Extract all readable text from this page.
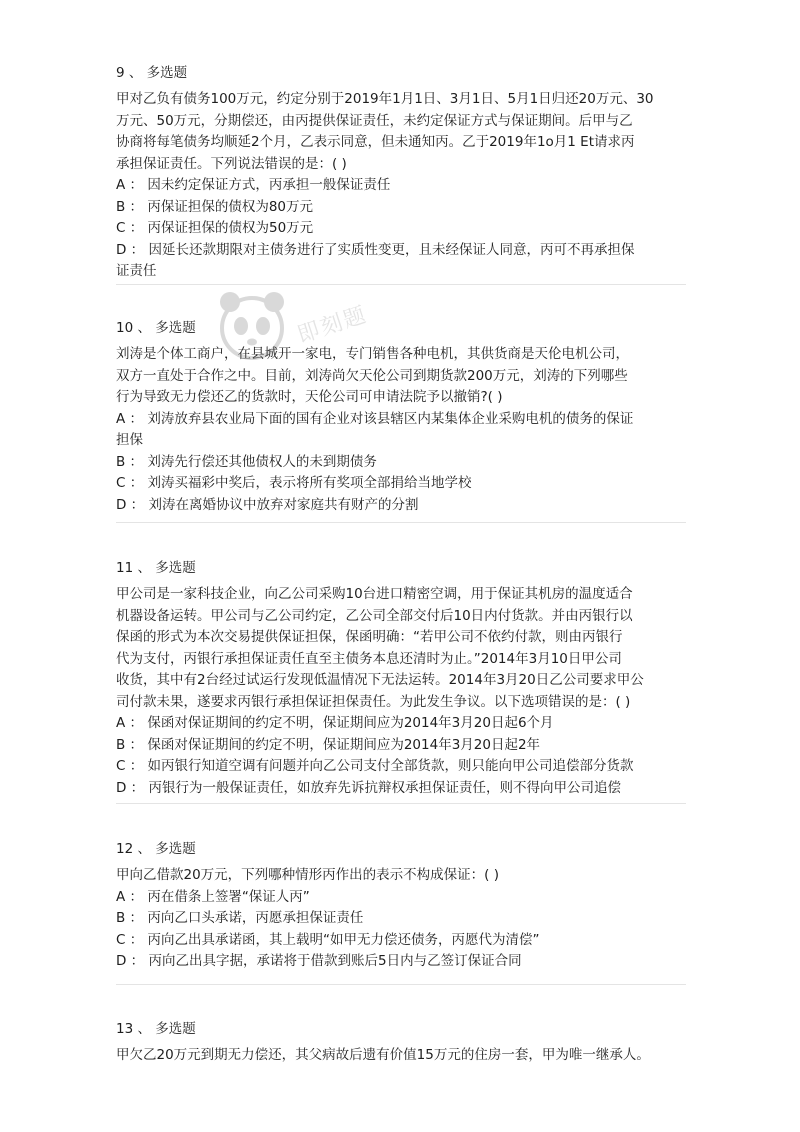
9 、 多选题
甲对乙负有债务100万元，约定分别于2019年1月1日、3月1日、5月1日归还20万元、30
万元、50万元，分期偿还，由丙提供保证责任，未约定保证方式与保证期间。后甲与乙
协商将每笔债务均顺延2个月，乙表示同意，但未通知丙。乙于2019年1o月1 Et请求丙
承担保证责任。下列说法错误的是：( )
A ： 因未约定保证方式，丙承担一般保证责任
B ： 丙保证担保的债权为80万元
C ： 丙保证担保的债权为50万元
D ： 因延长还款期限对主债务进行了实质性变更，且未经保证人同意，丙可不再承担保
证责任
10 、 多选题
刘涛是个体工商户，在县城开一家电，专门销售各种电机，其供货商是天伦电机公司，
双方一直处于合作之中。目前，刘涛尚欠天伦公司到期货款200万元，刘涛的下列哪些
行为导致无力偿还乙的货款时，天伦公司可申请法院予以撤销?( )
A ： 刘涛放弃县农业局下面的国有企业对该县辖区内某集体企业采购电机的债务的保证
担保
B ： 刘涛先行偿还其他债权人的未到期债务
C ： 刘涛买福彩中奖后，表示将所有奖项全部捐给当地学校
D ： 刘涛在离婚协议中放弃对家庭共有财产的分割
11 、 多选题
甲公司是一家科技企业，向乙公司采购10台进口精密空调，用于保证其机房的温度适合
机器设备运转。甲公司与乙公司约定，乙公司全部交付后10日内付货款。并由丙银行以
保函的形式为本次交易提供保证担保，保函明确：“若甲公司不依约付款，则由丙银行
代为支付，丙银行承担保证责任直至主债务本息还清时为止。”2014年3月10日甲公司
收货，其中有2台经过试运行发现低温情况下无法运转。2014年3月20日乙公司要求甲公
司付款未果，遂要求丙银行承担保证担保责任。为此发生争议。以下选项错误的是：( )
A ： 保函对保证期间的约定不明，保证期间应为2014年3月20日起6个月
B ： 保函对保证期间的约定不明，保证期间应为2014年3月20日起2年
C ： 如丙银行知道空调有问题并向乙公司支付全部货款，则只能向甲公司追偿部分货款
D ： 丙银行为一般保证责任，如放弃先诉抗辩权承担保证责任，则不得向甲公司追偿
12 、 多选题
甲向乙借款20万元，下列哪种情形丙作出的表示不构成保证：( )
A ： 丙在借条上签署“保证人丙”
B ： 丙向乙口头承诺，丙愿承担保证责任
C ： 丙向乙出具承诺函，其上载明“如甲无力偿还债务，丙愿代为清偿”
D ： 丙向乙出具字据，承诺将于借款到账后5日内与乙签订保证合同
13 、 多选题
甲欠乙20万元到期无力偿还，其父病故后遗有价值15万元的住房一套，甲为唯一继承人。
即刻题
